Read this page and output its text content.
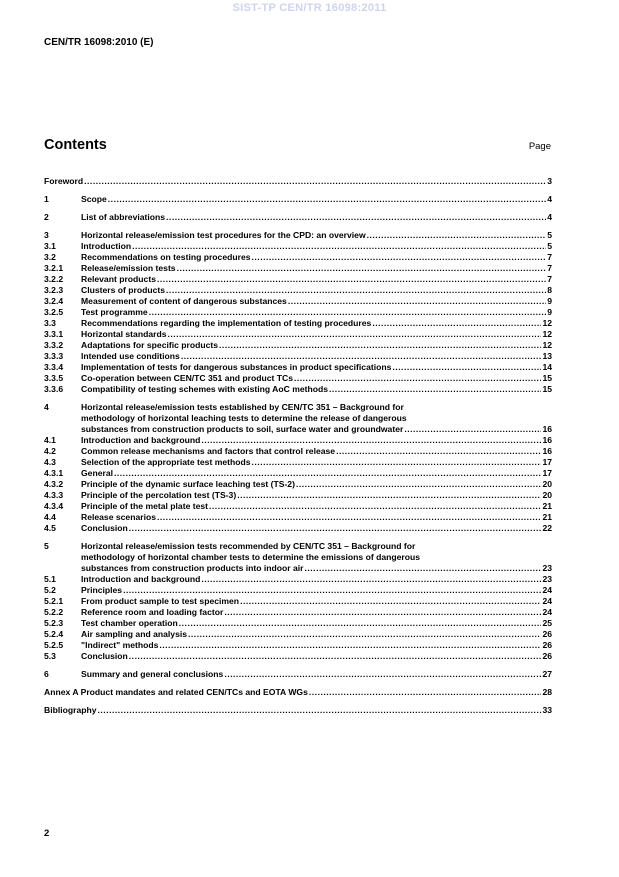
SIST-TP CEN/TR 16098:2011
CEN/TR 16098:2010 (E)
Contents	Page
Foreword .....	3
1	Scope .....	4
2	List of abbreviations .....	4
3	Horizontal release/emission test procedures for the CPD: an overview .....	5
3.1	Introduction .....	5
3.2	Recommendations on testing procedures .....	7
3.2.1	Release/emission tests .....	7
3.2.2	Relevant products .....	7
3.2.3	Clusters of products .....	8
3.2.4	Measurement of content of dangerous substances .....	9
3.2.5	Test programme .....	9
3.3	Recommendations regarding the implementation of testing procedures .....	12
3.3.1	Horizontal standards .....	12
3.3.2	Adaptations for specific products .....	12
3.3.3	Intended use conditions .....	13
3.3.4	Implementation of tests for dangerous substances in product specifications .....	14
3.3.5	Co-operation between CEN/TC 351 and product TCs .....	15
3.3.6	Compatibility of testing schemes with existing AoC methods .....	15
4	Horizontal release/emission tests established by CEN/TC 351 – Background for
methodology of horizontal leaching tests to determine the release of dangerous
substances from construction products to soil, surface water and groundwater .....	16
4.1	Introduction and background .....	16
4.2	Common release mechanisms and factors that control release .....	16
4.3	Selection of the appropriate test methods .....	17
4.3.1	General .....	17
4.3.2	Principle of the dynamic surface leaching test (TS-2) .....	20
4.3.3	Principle of the percolation test (TS-3) .....	20
4.3.4	Principle of the metal plate test .....	21
4.4	Release scenarios .....	21
4.5	Conclusion .....	22
5	Horizontal release/emission tests recommended by CEN/TC 351 – Background for
methodology of horizontal chamber tests to determine the emissions of dangerous
substances from construction products into indoor air .....	23
5.1	Introduction and background .....	23
5.2	Principles .....	24
5.2.1	From product sample to test specimen .....	24
5.2.2	Reference room and loading factor .....	24
5.2.3	Test chamber operation .....	25
5.2.4	Air sampling and analysis .....	26
5.2.5	"Indirect" methods .....	26
5.3	Conclusion .....	26
6	Summary and general conclusions .....	27
Annex A Product mandates and related CEN/TCs and EOTA WGs .....	28
Bibliography .....	33
2
